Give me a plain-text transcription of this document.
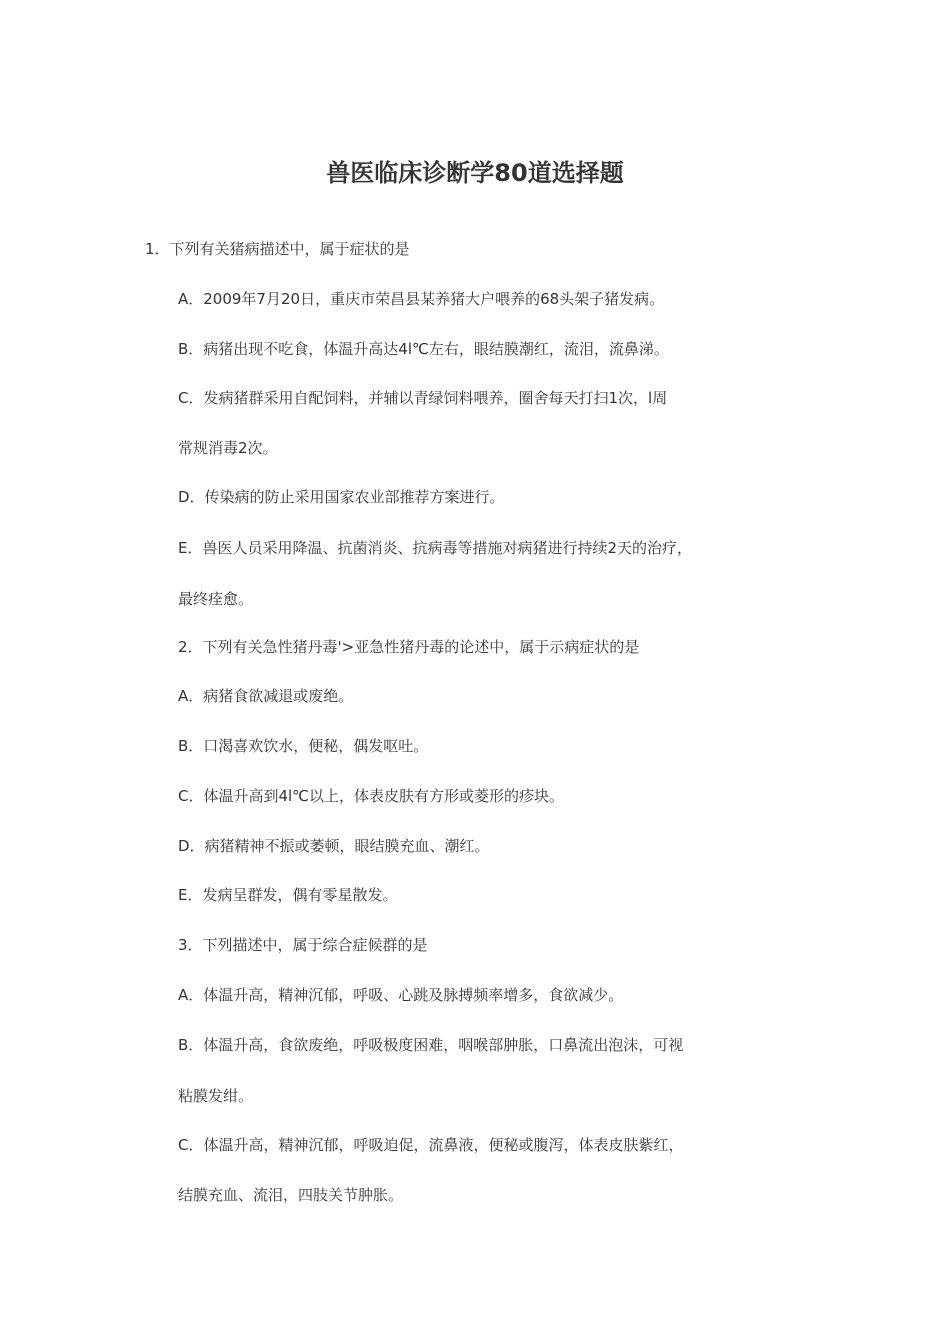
兽医临床诊断学80道选择题
1．下列有关猪病描述中，属于症状的是
A．2009年7月20日，重庆市荣昌县某养猪大户喂养的68头架子猪发病。
B．病猪出现不吃食，体温升高达4l℃左右，眼结膜潮红，流泪，流鼻涕。
C．发病猪群采用自配饲料，并辅以青绿饲料喂养，圈舍每天打扫1次，l周
常规消毒2次。
D．传染病的防止采用国家农业部推荐方案进行。
E．兽医人员采用降温、抗菌消炎、抗病毒等措施对病猪进行持续2天的治疗，
最终痊愈。
2．下列有关急性猪丹毒'>亚急性猪丹毒的论述中，属于示病症状的是
A．病猪食欲减退或废绝。
B．口渴喜欢饮水，便秘，偶发呕吐。
C．体温升高到4l℃以上，体表皮肤有方形或菱形的疹块。
D．病猪精神不振或萎顿，眼结膜充血、潮红。
E．发病呈群发，偶有零星散发。
3．下列描述中，属于综合症候群的是
A．体温升高，精神沉郁，呼吸、心跳及脉搏频率增多，食欲减少。
B．体温升高，食欲废绝，呼吸极度困难，咽喉部肿胀，口鼻流出泡沫，可视
粘膜发绀。
C．体温升高，精神沉郁，呼吸迫促，流鼻液，便秘或腹泻，体表皮肤紫红，
结膜充血、流泪，四肢关节肿胀。
